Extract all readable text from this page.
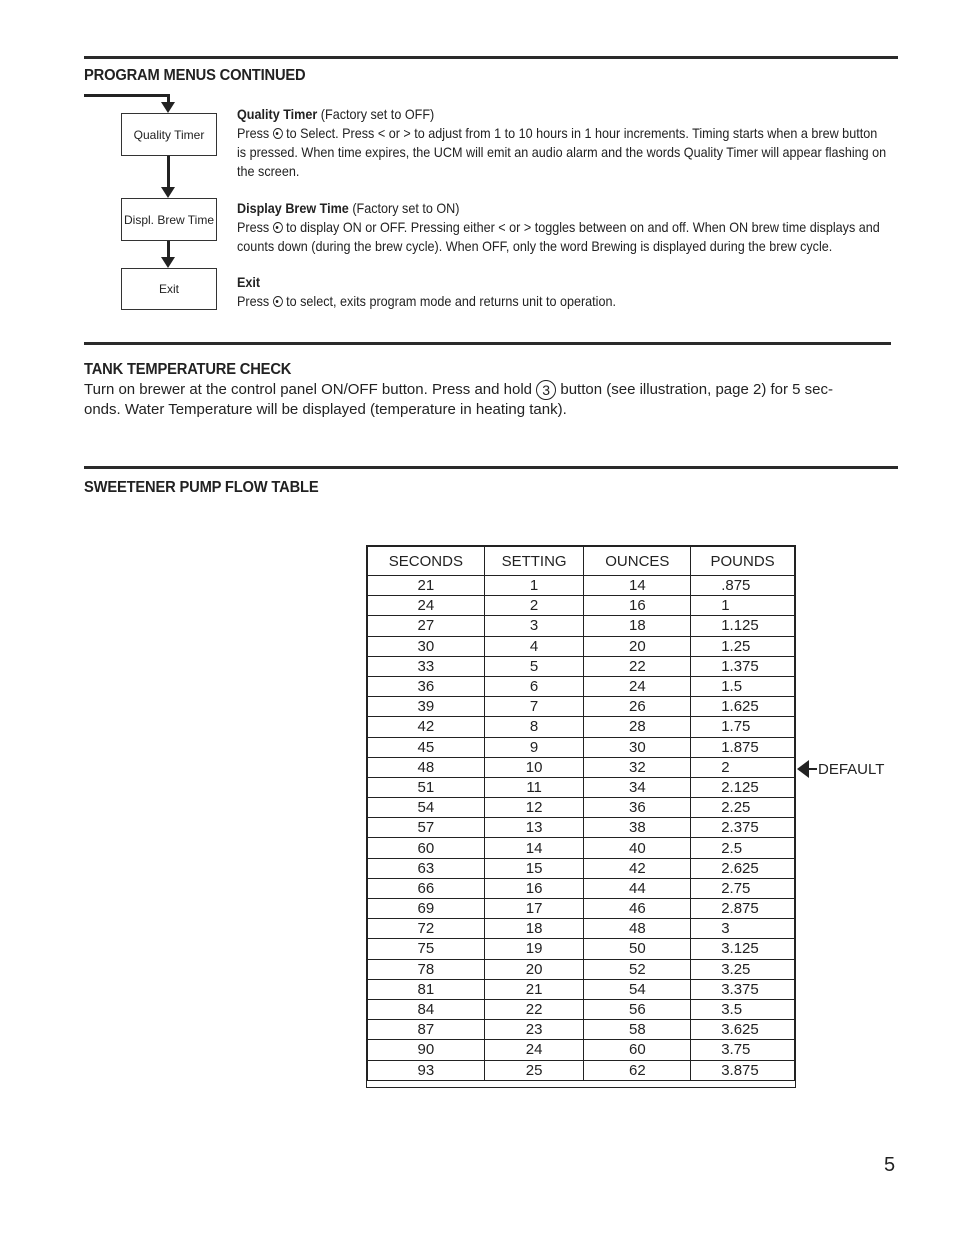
PROGRAM MENUS CONTINUED
Quality Timer
Displ. Brew Time
Exit
Quality Timer (Factory set to OFF)
Press  to Select. Press < or > to adjust from 1 to 10 hours in 1 hour increments. Timing starts when a brew button
is pressed. When time expires, the UCM will emit an audio alarm and the words Quality Timer will appear flashing on
the screen.
Display Brew Time (Factory set to ON)
Press  to display ON or OFF. Pressing either < or > toggles between on and off. When ON brew time displays and
counts down (during the brew cycle). When OFF, only the word Brewing is displayed during the brew cycle.
Exit
Press  to select, exits program mode and returns unit to operation.
TANK TEMPERATURE CHECK
Turn on brewer at the control panel ON/OFF button. Press and hold 3 button (see illustration, page 2) for 5 sec-
onds. Water Temperature will be displayed (temperature in heating tank).
SWEETENER PUMP FLOW TABLE
SECONDS	SETTING	OUNCES	POUNDS
21	1	14	.875
24	2	16	1
27	3	18	1.125
30	4	20	1.25
33	5	22	1.375
36	6	24	1.5
39	7	26	1.625
42	8	28	1.75
45	9	30	1.875
48	10	32	2
51	11	34	2.125
54	12	36	2.25
57	13	38	2.375
60	14	40	2.5
63	15	42	2.625
66	16	44	2.75
69	17	46	2.875
72	18	48	3
75	19	50	3.125
78	20	52	3.25
81	21	54	3.375
84	22	56	3.5
87	23	58	3.625
90	24	60	3.75
93	25	62	3.875
DEFAULT
5
